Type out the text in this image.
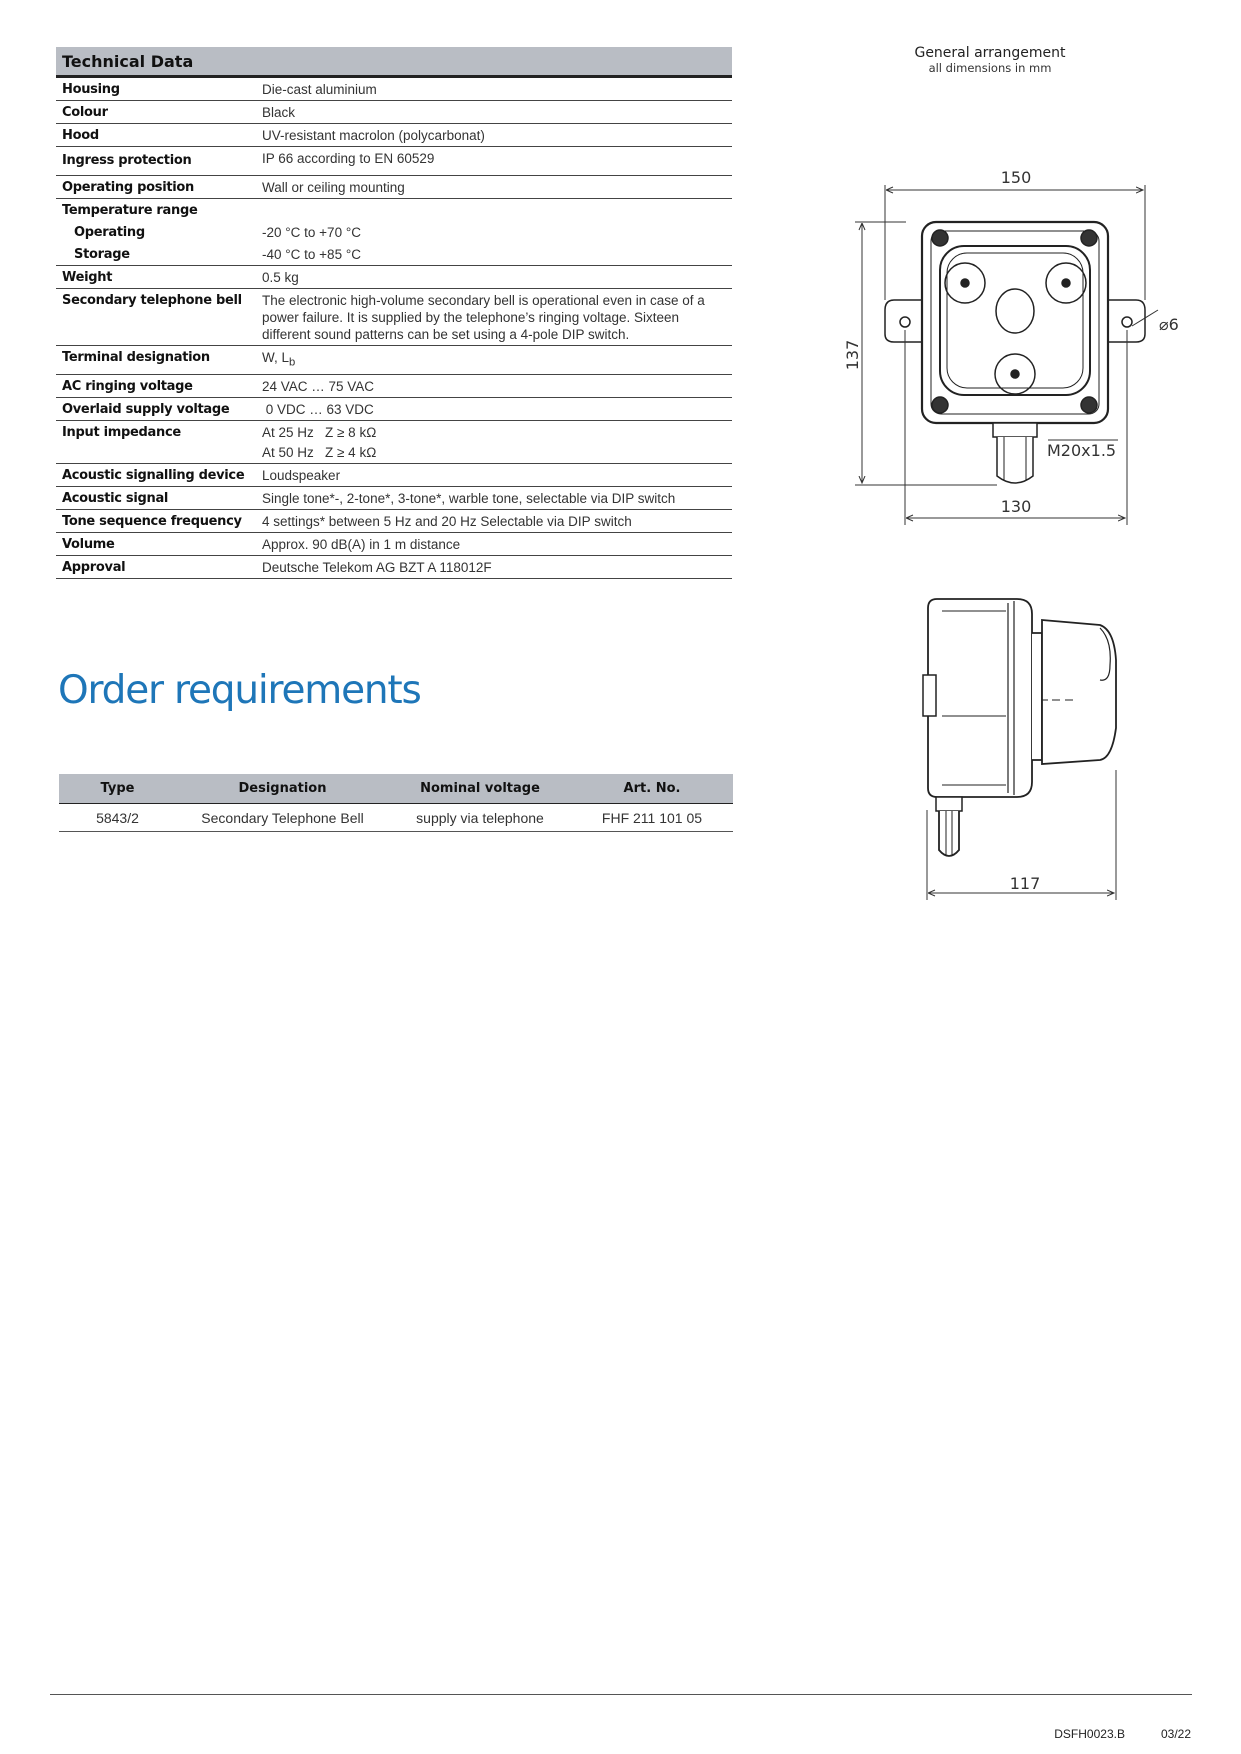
Technical Data
Housing	Die-cast aluminium
Colour	Black
Hood	UV-resistant macrolon (polycarbonat)
Ingress protection	IP 66 according to EN 60529
Operating position	Wall or ceiling mounting
Temperature range	
Operating	-20 °C to +70 °C
Storage	-40 °C to +85 °C
Weight	0.5 kg
Secondary telephone bell	The electronic high-volume secondary bell is operational even in case of a power failure. It is supplied by the telephone’s ringing voltage. Sixteen different sound patterns can be set using a 4-pole DIP switch.
Terminal designation	W, $L_b$
AC ringing voltage	24 VAC … 75 VAC
Overlaid supply voltage	0 VDC … 63 VDC
Input impedance	At 25 Hz   Z ≥ 8 kΩ
At 50 Hz   Z ≥ 4 kΩ

Acoustic signalling device	Loudspeaker
Acoustic signal	Single tone*-, 2-tone*, 3-tone*, warble tone, selectable via DIP switch
Tone sequence frequency	4 settings* between 5 Hz and 20 Hz Selectable via DIP switch
Volume	Approx. 90 dB(A) in 1 m distance
Approval	Deutsche Telekom AG BZT A 118012F
Order requirements
Type	Designation	Nominal voltage	Art. No.
5843/2	Secondary Telephone Bell	supply via telephone	FHF 211 101 05
General arrangement
all dimensions in mm
150
137
⌀6
M20x1.5
130
117
DSFH0023.B	03/22
